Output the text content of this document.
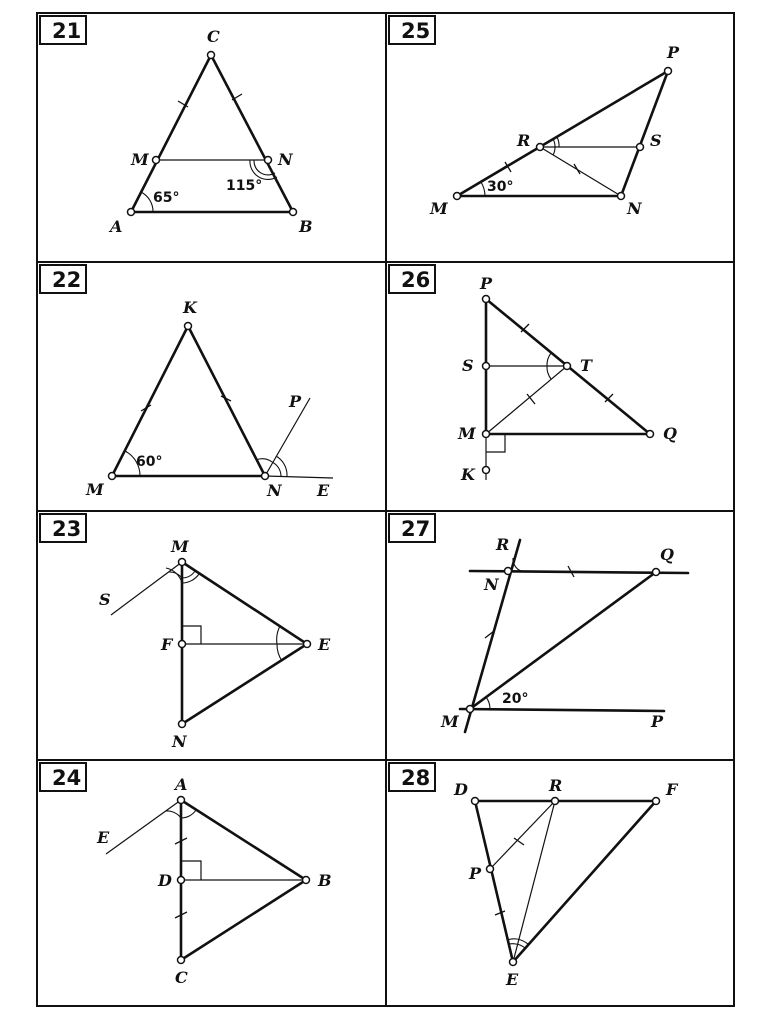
21	C
M	N
A	B
65°
115°
25
P
R	S
M	N
30°
22
K
P
M	N E
60°
26	P
S	T
M	Q
K
23
M
S
F	E
N
27
R
Q
N
M	P
20°
24	A
E
D	B
C
28 D	R	F
P
E
